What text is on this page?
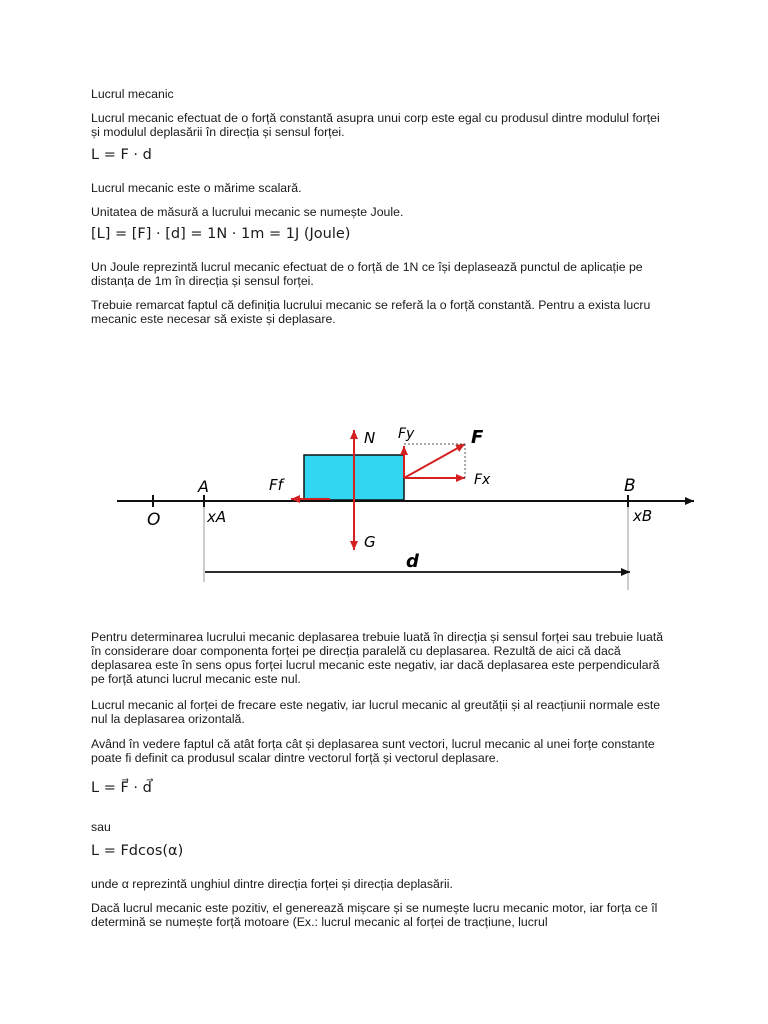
Lucrul mecanic

Lucrul mecanic efectuat de o forță constantă asupra unui corp este egal cu produsul dintre modulul forței și modulul deplasării în direcția și sensul forței.

L = F · d

Lucrul mecanic este o mărime scalară.

Unitatea de măsură a lucrului mecanic se numește Joule.

[L] = [F] · [d] = 1N · 1m = 1J (Joule)

Un Joule reprezintă lucrul mecanic efectuat de o forță de 1N ce își deplasează punctul de aplicație pe distanța de 1m în direcția și sensul forței.

Trebuie remarcat faptul că definiția lucrului mecanic se referă la o forță constantă. Pentru a exista lucru mecanic este necesar să existe și deplasare.

O
A	B
xA	xB
N
G
Ff
F
Fy
Fx
d

Pentru determinarea lucrului mecanic deplasarea trebuie luată în direcția și sensul forței sau trebuie luată în considerare doar componenta forței pe direcția paralelă cu deplasarea. Rezultă de aici că dacă deplasarea este în sens opus forței lucrul mecanic este negativ, iar dacă deplasarea este perpendiculară pe forță atunci lucrul mecanic este nul.

Lucrul mecanic al forței de frecare este negativ, iar lucrul mecanic al greutății și al reacțiunii normale este nul la deplasarea orizontală.

Având în vedere faptul că atât forța cât și deplasarea sunt vectori, lucrul mecanic al unei forțe constante poate fi definit ca produsul scalar dintre vectorul forță și vectorul deplasare.

L = F⃗ · d⃗

sau

L = Fdcos(α)

unde α reprezintă unghiul dintre direcția forței și direcția deplasării.

Dacă lucrul mecanic este pozitiv, el generează mișcare și se numește lucru mecanic motor, iar forța ce îl determină se numește forță motoare (Ex.: lucrul mecanic al forței de tracțiune, lucrul
